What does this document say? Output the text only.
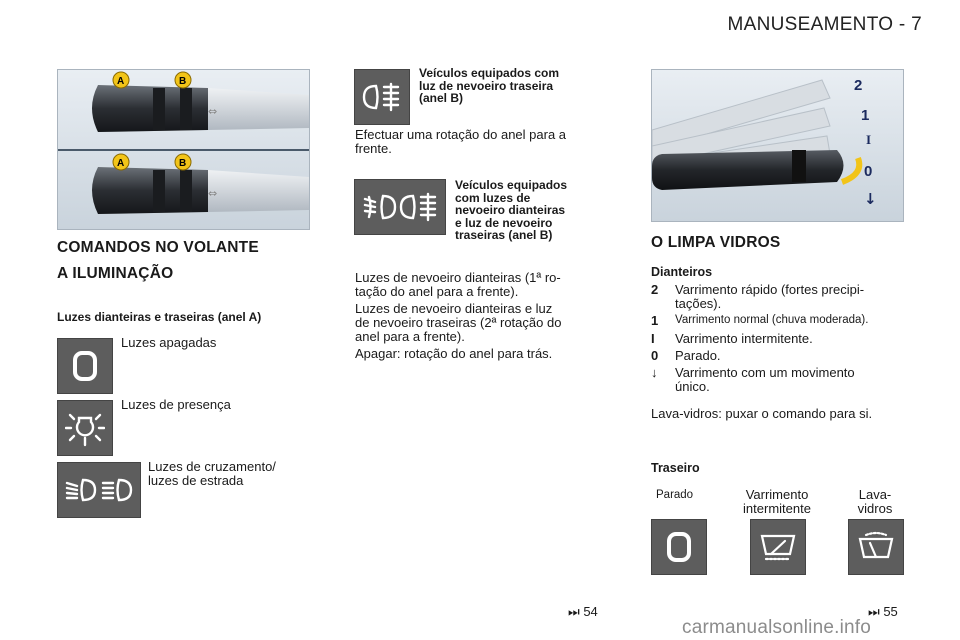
MANUSEAMENTO - 7
⇔
A	B
⇔
A	B
COMANDOS NO VOLANTE
A ILUMINAÇÃO
Luzes dianteiras e traseiras (anel A)
Luzes apagadas
Luzes de presença
Luzes de cruzamento/
luzes de estrada
Veículos equipados com
luz de nevoeiro traseira
(anel B)
Efectuar uma rotação do anel para a
frente.
Veículos equipados
com luzes de
nevoeiro dianteiras
e luz de nevoeiro
traseiras (anel B)
Luzes de nevoeiro dianteiras (1ª ro-
tação do anel para a frente).
Luzes de nevoeiro dianteiras e luz
de nevoeiro traseiras (2ª rotação do
anel para a frente).
Apagar: rotação do anel para trás.
⏭ 54
2
1
I
0
↓
O LIMPA VIDROS
Dianteiros
2 Varrimento rápido (fortes precipi-
tações).
1 Varrimento normal (chuva moderada).
I Varrimento intermitente.
0 Parado.
↓ Varrimento com um movimento
único.
Lava-vidros: puxar o comando para si.
Traseiro
Parado	Varrimento
intermitente
Lava-
vidros
⏭ 55
carmanualsonline.info
